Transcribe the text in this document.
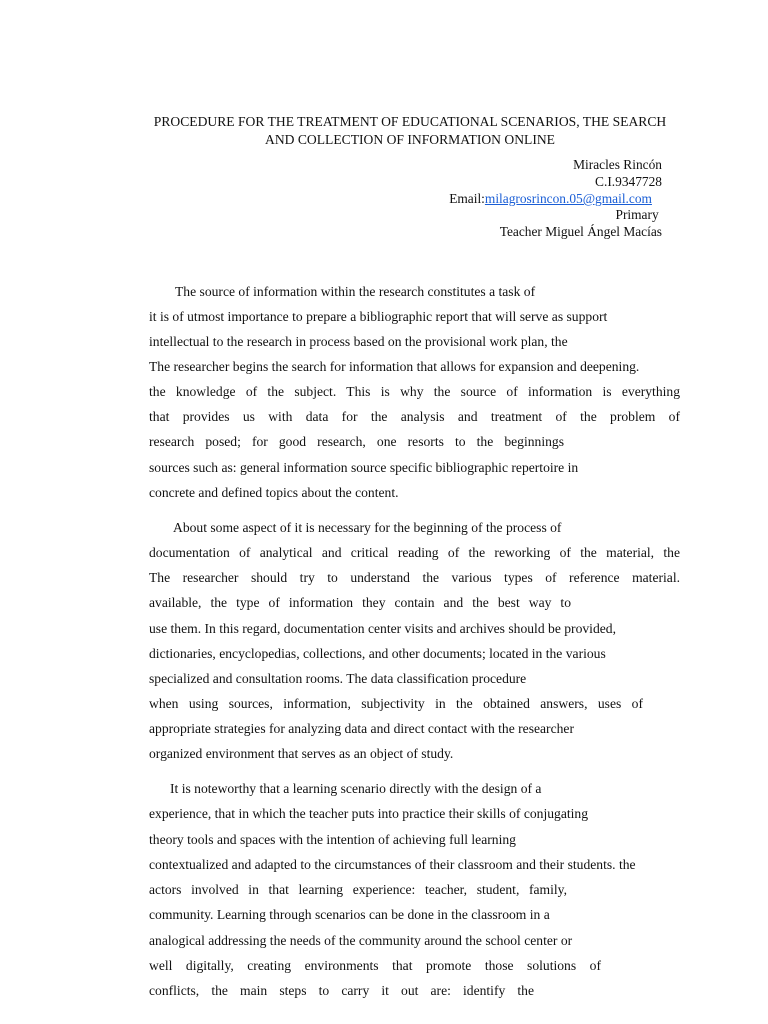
PROCEDURE FOR THE TREATMENT OF EDUCATIONAL SCENARIOS, THE SEARCH
AND COLLECTION OF INFORMATION ONLINE
Miracles Rincón
C.I.9347728
Email:milagrosrincon.05@gmail.com
Primary
Teacher Miguel Ángel Macías
The source of information within the research constitutes a task of
it is of utmost importance to prepare a bibliographic report that will serve as support
intellectual to the research in process based on the provisional work plan, the
The researcher begins the search for information that allows for expansion and deepening.
the knowledge of the subject. This is why the source of information is everything
that provides us with data for the analysis and treatment of the problem of
research posed; for good research, one resorts to the beginnings
sources such as: general information source specific bibliographic repertoire in
concrete and defined topics about the content.
About some aspect of it is necessary for the beginning of the process of
documentation of analytical and critical reading of the reworking of the material, the
The researcher should try to understand the various types of reference material.
available, the type of information they contain and the best way to
use them. In this regard, documentation center visits and archives should be provided,
dictionaries, encyclopedias, collections, and other documents; located in the various
specialized and consultation rooms. The data classification procedure
when using sources, information, subjectivity in the obtained answers, uses of
appropriate strategies for analyzing data and direct contact with the researcher
organized environment that serves as an object of study.
It is noteworthy that a learning scenario directly with the design of a
experience, that in which the teacher puts into practice their skills of conjugating
theory tools and spaces with the intention of achieving full learning
contextualized and adapted to the circumstances of their classroom and their students. the
actors involved in that learning experience: teacher, student, family,
community. Learning through scenarios can be done in the classroom in a
analogical addressing the needs of the community around the school center or
well digitally, creating environments that promote those solutions of
conflicts, the main steps to carry it out are: identify the
